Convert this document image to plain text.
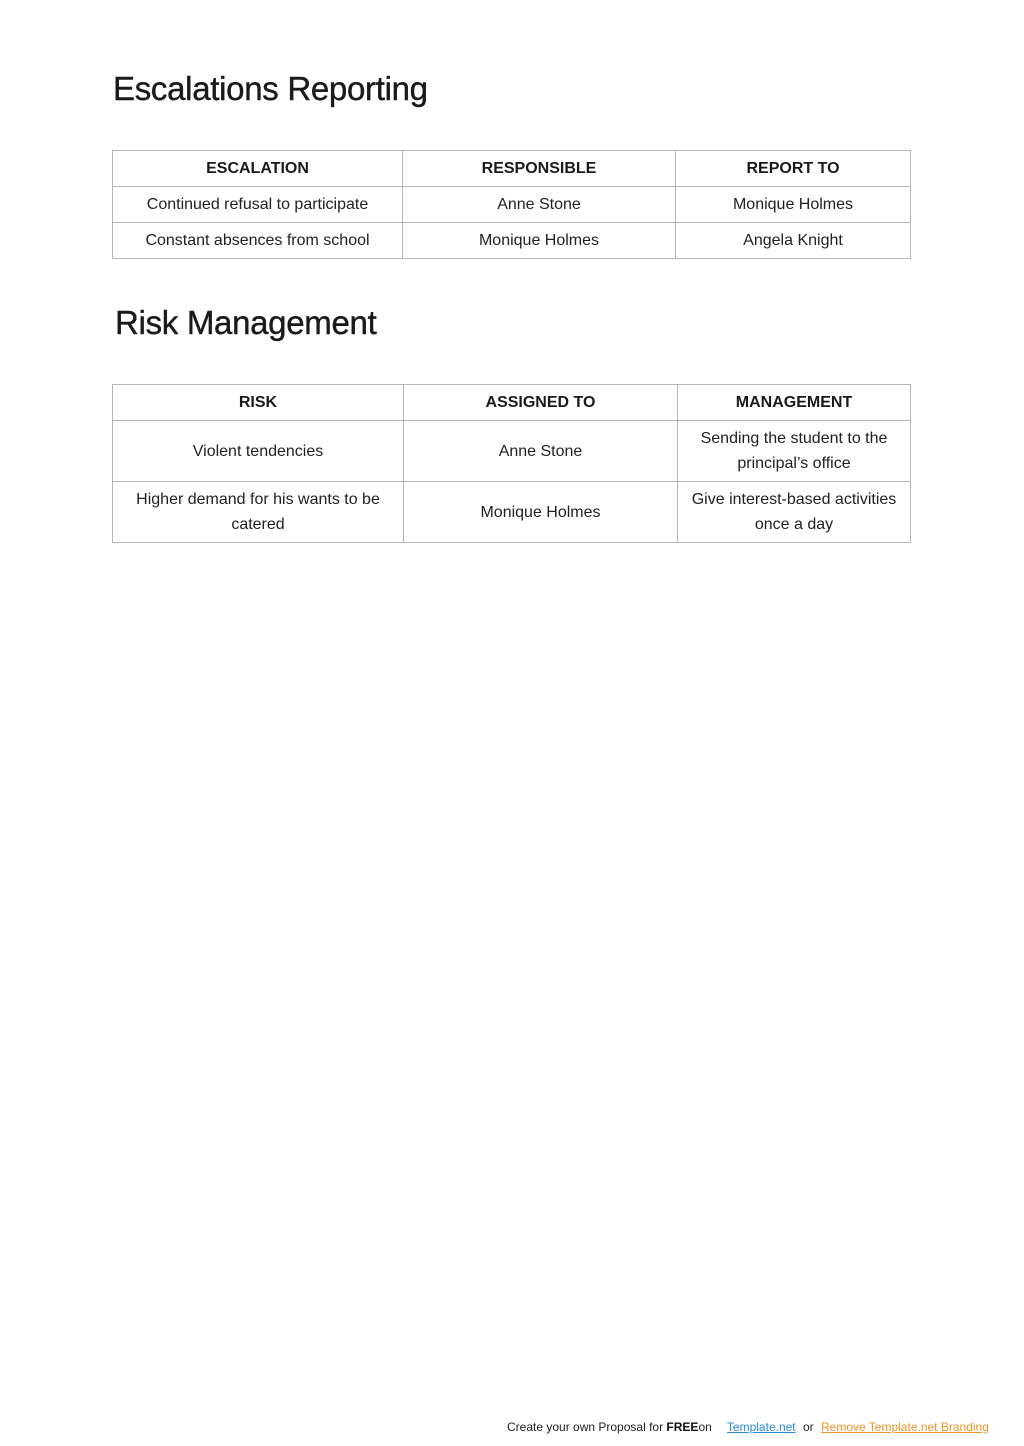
Escalations Reporting
ESCALATION	RESPONSIBLE	REPORT TO
Continued refusal to participate	Anne Stone	Monique Holmes
Constant absences from school	Monique Holmes	Angela Knight
Risk Management
RISK	ASSIGNED TO	MANAGEMENT
Violent tendencies	Anne Stone	Sending the student to the principal’s office
Higher demand for his wants to be catered	Monique Holmes	Give interest-based activities once a day
Create your own Proposal for FREEon Template.net or Remove Template.net Branding
